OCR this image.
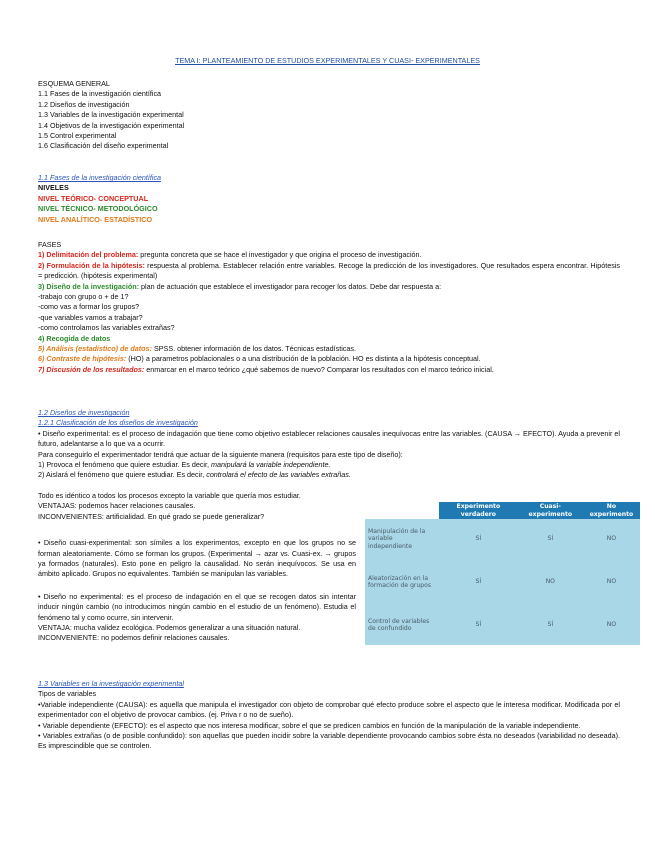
TEMA I: PLANTEAMIENTO DE ESTUDIOS EXPERIMENTALES Y CUASI- EXPERIMENTALES
ESQUEMA GENERAL
1.1 Fases de la investigación científica
1.2 Diseños de investigación
1.3 Variables de la investigación experimental
1.4 Objetivos de la investigación experimental
1.5 Control experimental
1.6 Clasificación del diseño experimental
1.1 Fases de la investigación científica
NIVELES
NIVEL TEÓRICO- CONCEPTUAL
NIVEL TÉCNICO- METODOLÓGICO
NIVEL ANALÍTICO- ESTADÍSTICO
FASES
1) Delimitación del problema: pregunta concreta que se hace el investigador y que origina el proceso de investigación.
2) Formulación de la hipótesis: respuesta al problema. Establecer relación entre variables. Recoge la predicción de los investigadores. Que resultados espera encontrar. Hipótesis = predicción. (hipótesis experimental)
3) Diseño de la investigación: plan de actuación que establece el investigador para recoger los datos. Debe dar respuesta a:
-trabajo con grupo o + de 1?
-como vas a formar los grupos?
-que variables vamos a trabajar?
-como controlamos las variables extrañas?
4) Recogida de datos
5) Análisis (estadístico) de datos: SPSS. obtener información de los datos. Técnicas estadísticas.
6) Contraste de hipótesis: (HO) a parametros poblacionales o a una distribución de la población. HO es distinta a la hipótesis conceptual.
7) Discusión de los resultados: enmarcar en el marco teórico ¿qué sabemos de nuevo? Comparar los resultados con el marco teórico inicial.
1.2 Diseños de investigación
1.2.1 Clasificación de los diseños de investigación
• Diseño experimental: es el proceso de indagación que tiene como objetivo establecer relaciones causales inequívocas entre las variables. (CAUSA → EFECTO). Ayuda a prevenir el futuro, adelantarse a lo que va a ocurrir.
Para conseguirlo el experimentador tendrá que actuar de la siguiente manera (requisitos para este tipo de diseño):
1) Provoca el fenómeno que quiere estudiar. Es decir, manipulará la variable independiente.
2) Aislará el fenómeno que quiere estudiar. Es decir, controlará el efecto de las variables extrañas.
Todo es idéntico a todos los procesos excepto la variable que quería mos estudiar.
VENTAJAS: podemos hacer relaciones causales.
INCONVENIENTES: artificialidad. En qué grado se puede generalizar?
• Diseño cuasi-experimental: son símiles a los experimentos, excepto en que los grupos no se forman aleatoriamente. Cómo se forman los grupos. (Experimental → azar vs. Cuasi-ex. → grupos ya formados (naturales). Esto pone en peligro la causalidad. No serán inequívocos. Se usa en ámbito aplicado. Grupos no equivalentes. También se manipulan las variables.
• Diseño no experimental: es el proceso de indagación en el que se recogen datos sin intentar inducir ningún cambio (no introducimos ningún cambio en el estudio de un fenómeno). Estudia el fenómeno tal y como ocurre, sin intervenir.
VENTAJA: mucha validez ecológica. Podemos generalizar a una situación natural.
INCONVENIENTE: no podemos definir relaciones causales.
	Experimento verdadero	Cuasi-experimento	No experimento
Manipulación de la variable independiente	SÍ	SÍ	NO
Aleatorización en la formación de grupos	SÍ	NO	NO
Control de variables de confundido	SÍ	SÍ	NO
1.3 Variables en la investigación experimental
Tipos de variables
•Variable independiente (CAUSA): es aquella que manipula el investigador con objeto de comprobar qué efecto produce sobre el aspecto que le interesa modificar. Modificada por el experimentador con el objetivo de provocar cambios. (ej. Priva r o no de sueño).
• Variable dependiente (EFECTO): es el aspecto que nos interesa modificar, sobre el que se predicen cambios en función de la manipulación de la variable independiente.
• Variables extrañas (o de posible confundido): son aquellas que pueden incidir sobre la variable dependiente provocando cambios sobre ésta no deseados (variabilidad no deseada). Es imprescindible que se controlen.
